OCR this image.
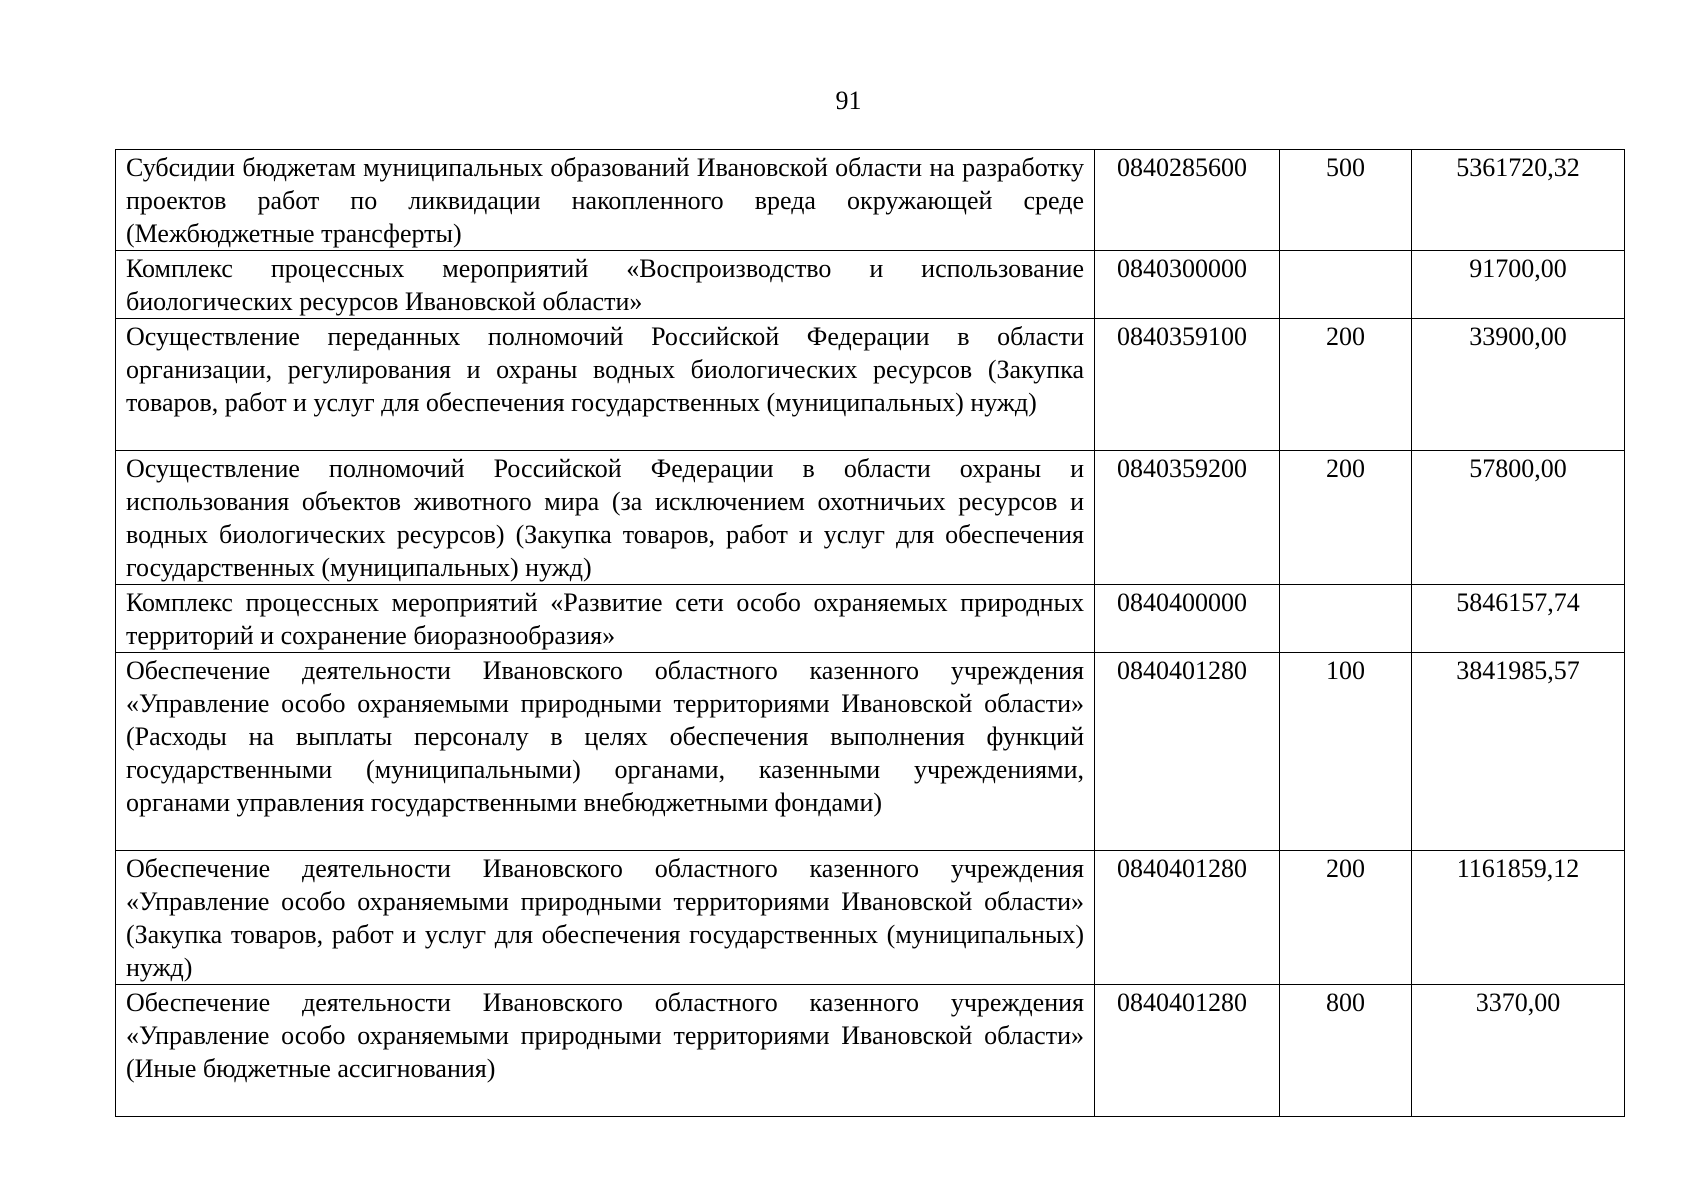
91
Субсидии бюджетам муниципальных образований Ивановской области на разработку проектов работ по ликвидации накопленного вреда окружающей среде (Межбюджетные трансферты)	0840285600	500	5361720,32
Комплекс процессных мероприятий «Воспроизводство и использование биологических ресурсов Ивановской области»	0840300000		91700,00
Осуществление переданных полномочий Российской Федерации в области организации, регулирования и охраны водных биологических ресурсов (Закупка товаров, работ и услуг для обеспечения государственных (муниципальных) нужд)	0840359100	200	33900,00
Осуществление полномочий Российской Федерации в области охраны и использования объектов животного мира (за исключением охотничьих ресурсов и водных биологических ресурсов) (Закупка товаров, работ и услуг для обеспечения государственных (муниципальных) нужд)	0840359200	200	57800,00
Комплекс процессных мероприятий «Развитие сети особо охраняемых природных территорий и сохранение биоразнообразия»	0840400000		5846157,74
Обеспечение деятельности Ивановского областного казенного учреждения «Управление особо охраняемыми природными территориями Ивановской области» (Расходы на выплаты персоналу в целях обеспечения выполнения функций государственными (муниципальными) органами, казенными учреждениями, органами управления государственными внебюджетными фондами)	0840401280	100	3841985,57
Обеспечение деятельности Ивановского областного казенного учреждения «Управление особо охраняемыми природными территориями Ивановской области» (Закупка товаров, работ и услуг для обеспечения государственных (муниципальных) нужд)	0840401280	200	1161859,12
Обеспечение деятельности Ивановского областного казенного учреждения «Управление особо охраняемыми природными территориями Ивановской области» (Иные бюджетные ассигнования)	0840401280	800	3370,00
